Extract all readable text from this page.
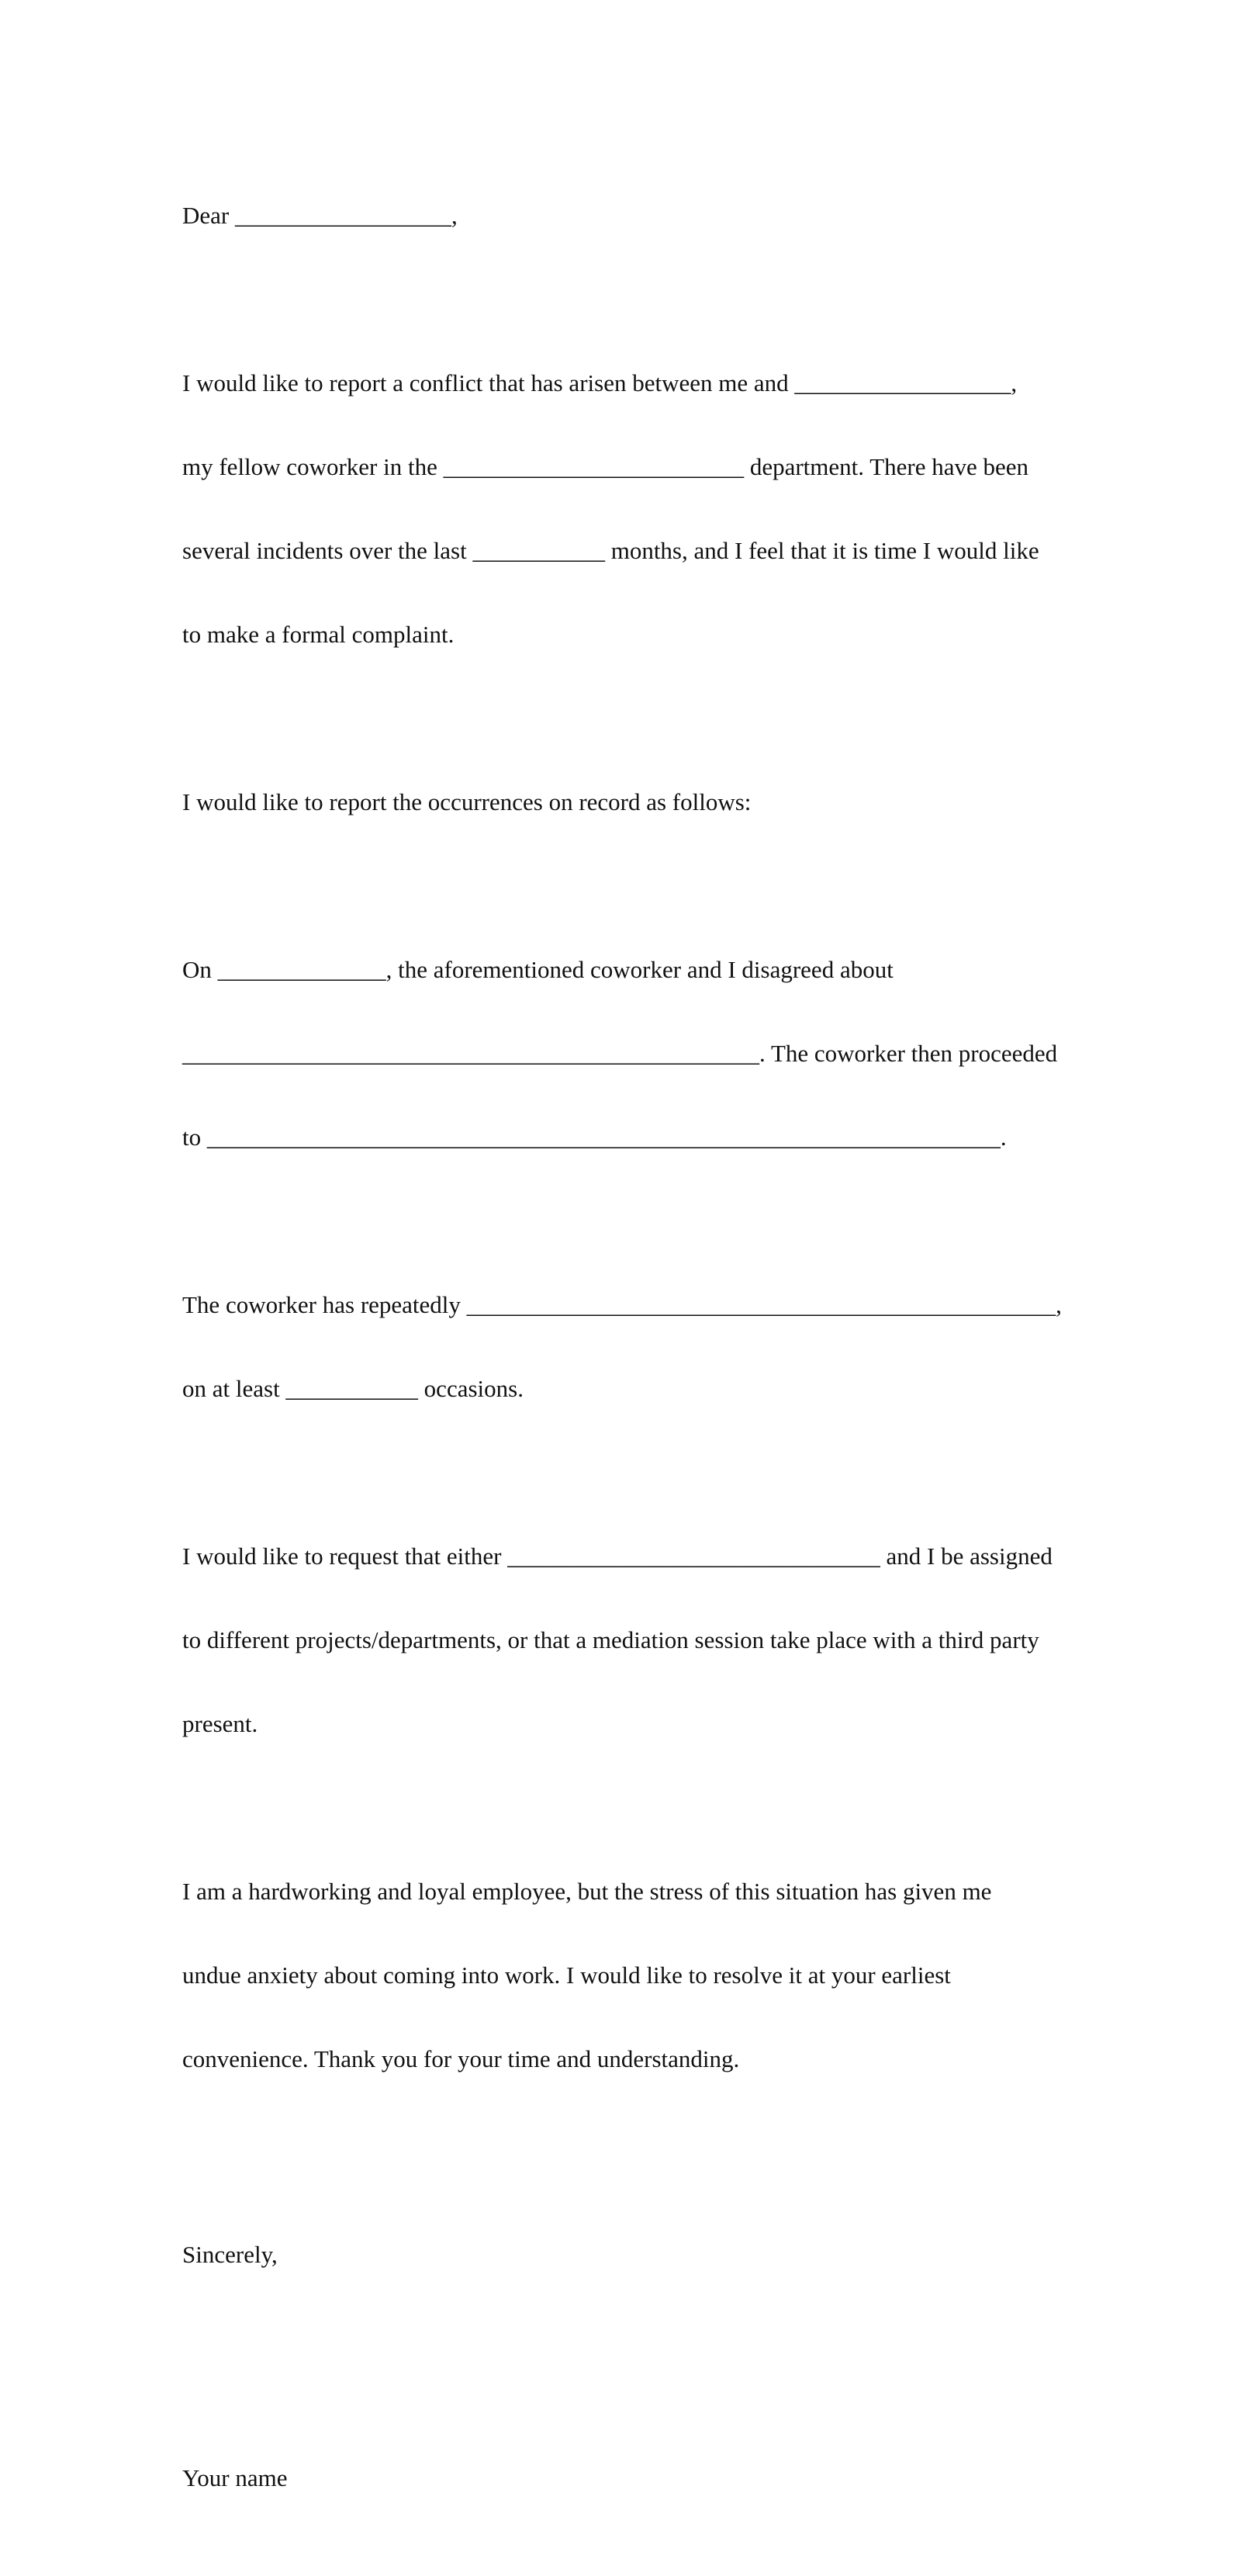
Dear __________________,

I would like to report a conflict that has arisen between me and __________________,

my fellow coworker in the _________________________ department. There have been

several incidents over the last ___________ months, and I feel that it is time I would like

to make a formal complaint.

I would like to report the occurrences on record as follows:

On ______________, the aforementioned coworker and I disagreed about

________________________________________________. The coworker then proceeded

to __________________________________________________________________.

The coworker has repeatedly _________________________________________________,

on at least ___________ occasions.

I would like to request that either _______________________________ and I be assigned

to different projects/departments, or that a mediation session take place with a third party

present.

I am a hardworking and loyal employee, but the stress of this situation has given me

undue anxiety about coming into work. I would like to resolve it at your earliest

convenience. Thank you for your time and understanding.

Sincerely,

Your name
